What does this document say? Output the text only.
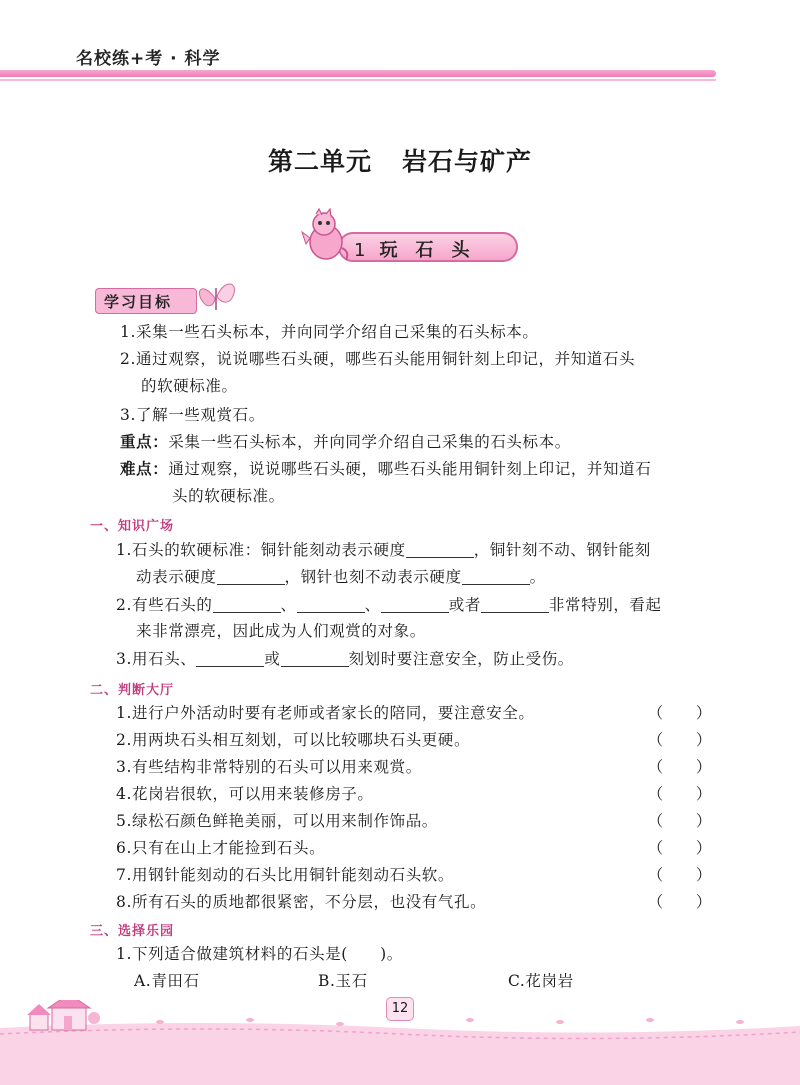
名校练+考 · 科学
第二单元 岩石与矿产
1 玩 石 头
学习目标
1.采集一些石头标本，并向同学介绍自己采集的石头标本。
2.通过观察，说说哪些石头硬，哪些石头能用铜针刻上印记，并知道石头
的软硬标准。
3.了解一些观赏石。
重点：采集一些石头标本，并向同学介绍自己采集的石头标本。
难点：通过观察，说说哪些石头硬，哪些石头能用铜针刻上印记，并知道石
头的软硬标准。
一、知识广场
1.石头的软硬标准：铜针能刻动表示硬度	，铜针刻不动、钢针能刻
动表示硬度	，钢针也刻不动表示硬度	。
2.有些石头的	、	、	或者	非常特别，看起
来非常漂亮，因此成为人们观赏的对象。
3.用石头、	或	刻划时要注意安全，防止受伤。
二、判断大厅
1.进行户外活动时要有老师或者家长的陪同，要注意安全。	（　　）
2.用两块石头相互刻划，可以比较哪块石头更硬。	（　　）
3.有些结构非常特别的石头可以用来观赏。	（　　）
4.花岗岩很软，可以用来装修房子。	（　　）
5.绿松石颜色鲜艳美丽，可以用来制作饰品。	（　　）
6.只有在山上才能捡到石头。	（　　）
7.用钢针能刻动的石头比用铜针能刻动石头软。	（　　）
8.所有石头的质地都很紧密，不分层，也没有气孔。	（　　）
三、选择乐园
1.下列适合做建筑材料的石头是(　　)。
A.青田石	B.玉石	C.花岗岩
12
